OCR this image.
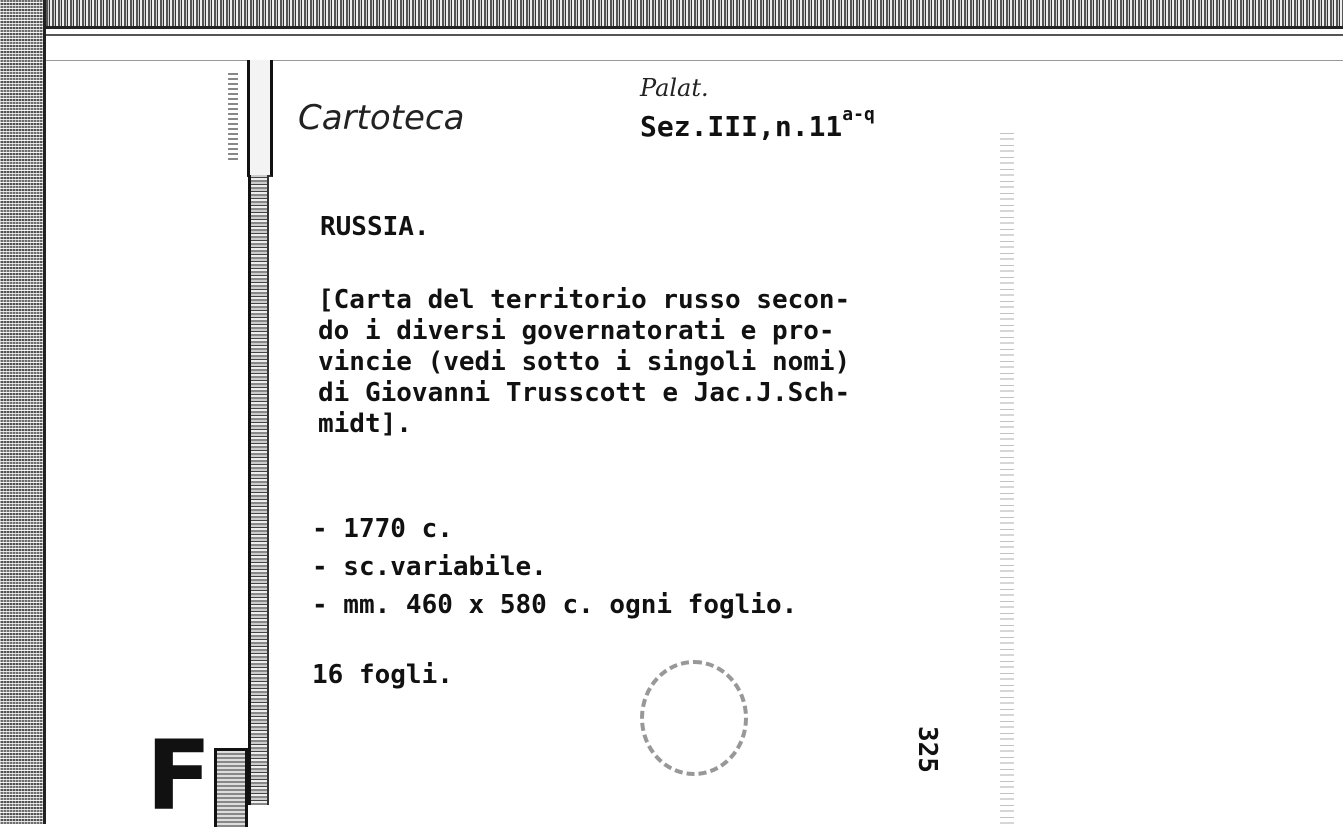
Cartoteca
Palat.
Sez.III,n.11$^{a-q}$
RUSSIA.
[Carta del territorio russo secon-
do i diversi governatorati e pro-
vincie (vedi sotto i singoli nomi)
di Giovanni Trusscott e Jac.J.Sch-
midt].
- 1770 c.
- sc.variabile.
- mm. 460 x 580 c. ogni foglio.
16 fogli.
325
F
